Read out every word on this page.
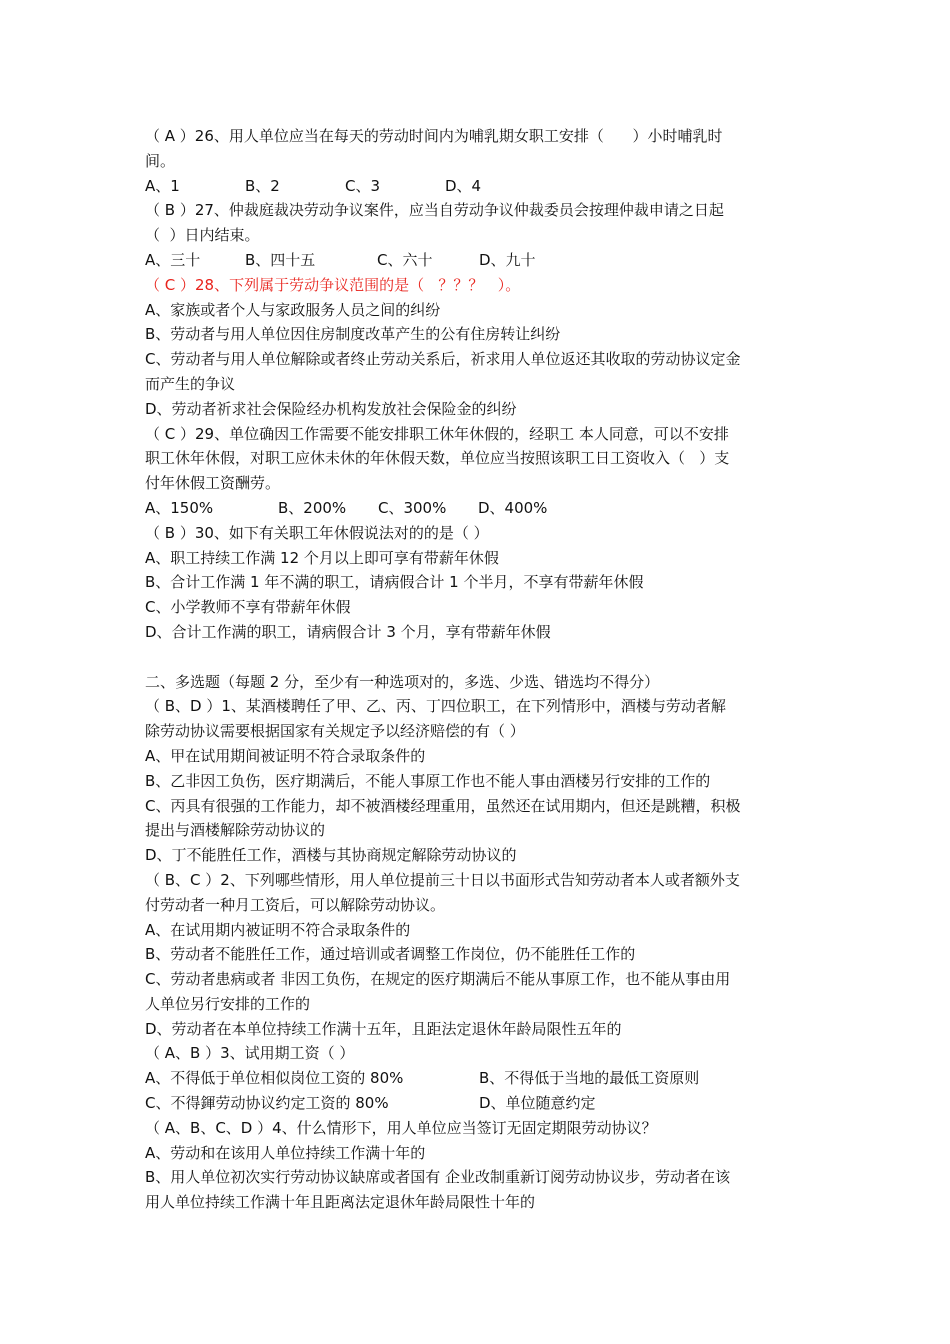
（ A ）26、用人单位应当在每天的劳动时间内为哺乳期女职工安排（      ）小时哺乳时
间。
A、1	B、2	C、3	D、4
（ B ）27、仲裁庭裁决劳动争议案件，应当自劳动争议仲裁委员会按理仲裁申请之日起
（  ）日内结束。
A、三十	B、四十五	C、六十	D、九十
（ C ）28、下列属于劳动争议范围的是（   ？？？   ）。
A、家族或者个人与家政服务人员之间的纠纷
B、劳动者与用人单位因住房制度改革产生的公有住房转让纠纷
C、劳动者与用人单位解除或者终止劳动关系后，祈求用人单位返还其收取的劳动协议定金
而产生的争议
D、劳动者祈求社会保险经办机构发放社会保险金的纠纷
（ C ）29、单位确因工作需要不能安排职工休年休假的，经职工 本人同意，可以不安排
职工休年休假，对职工应休未休的年休假天数，单位应当按照该职工日工资收入（   ）支
付年休假工资酬劳。
A、150%	B、200%	C、300%	D、400%
（ B ）30、如下有关职工年休假说法对的的是（ ）
A、职工持续工作满 12 个月以上即可享有带薪年休假
B、合计工作满 1 年不满的职工，请病假合计 1 个半月，不享有带薪年休假
C、小学教师不享有带薪年休假
D、合计工作满的职工，请病假合计 3 个月，享有带薪年休假
二、多选题（每题 2 分，至少有一种选项对的，多选、少选、错选均不得分）
（ B、D ）1、某酒楼聘任了甲、乙、丙、丁四位职工，在下列情形中，酒楼与劳动者解
除劳动协议需要根据国家有关规定予以经济赔偿的有（ ）
A、甲在试用期间被证明不符合录取条件的
B、乙非因工负伤，医疗期满后，不能人事原工作也不能人事由酒楼另行安排的工作的
C、丙具有很强的工作能力，却不被酒楼经理重用，虽然还在试用期内，但还是跳糟，积极
提出与酒楼解除劳动协议的
D、丁不能胜任工作，酒楼与其协商规定解除劳动协议的
（ B、C ）2、下列哪些情形，用人单位提前三十日以书面形式告知劳动者本人或者额外支
付劳动者一种月工资后，可以解除劳动协议。
A、在试用期内被证明不符合录取条件的
B、劳动者不能胜任工作，通过培训或者调整工作岗位，仍不能胜任工作的
C、劳动者患病或者 非因工负伤，在规定的医疗期满后不能从事原工作，也不能从事由用
人单位另行安排的工作的
D、劳动者在本单位持续工作满十五年，且距法定退休年龄局限性五年的
（ A、B ）3、试用期工资（ ）
A、不得低于单位相似岗位工资的 80%	B、不得低于当地的最低工资原则
C、不得鍕劳动协议约定工资的 80%	D、单位随意约定
（ A、B、C、D ）4、什么情形下，用人单位应当签订无固定期限劳动协议？
A、劳动和在该用人单位持续工作满十年的
B、用人单位初次实行劳动协议缺席或者国有 企业改制重新订阅劳动协议步，劳动者在该
用人单位持续工作满十年且距离法定退休年龄局限性十年的
